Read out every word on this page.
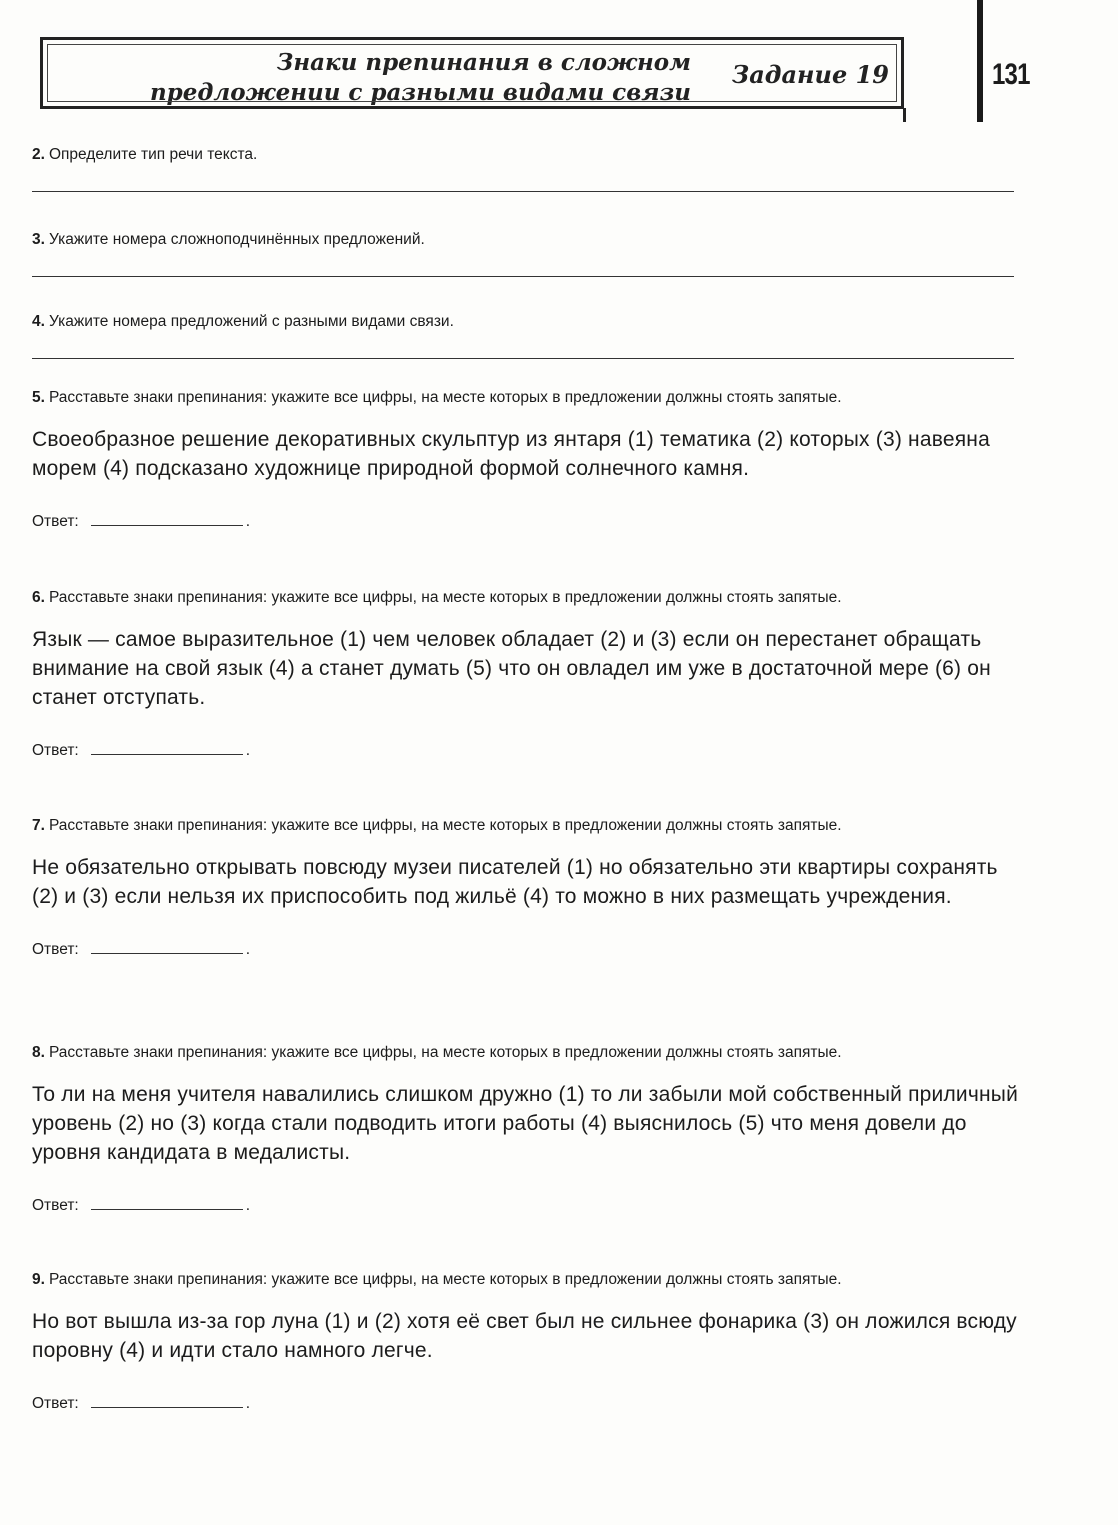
Знаки препинания в сложном
предложении с разными видами связи
Задание 19	131
2. Определите тип речи текста.
3. Укажите номера сложноподчинённых предложений.
4. Укажите номера предложений с разными видами связи.
5. Расставьте знаки препинания: укажите все цифры, на месте которых в предложении должны стоять запятые.
Своеобразное решение декоративных скульптур из янтаря (1) тематика (2) которых (3) навеяна морем (4) подсказано художнице природной формой солнечного камня.
Ответ:	.
6. Расставьте знаки препинания: укажите все цифры, на месте которых в предложении должны стоять запятые.
Язык — самое выразительное (1) чем человек обладает (2) и (3) если он перестанет обращать внимание на свой язык (4) а станет думать (5) что он овладел им уже в достаточной мере (6) он станет отступать.
Ответ:	.
7. Расставьте знаки препинания: укажите все цифры, на месте которых в предложении должны стоять запятые.
Не обязательно открывать повсюду музеи писателей (1) но обязательно эти квартиры сохранять (2) и (3) если нельзя их приспособить под жильё (4) то можно в них размещать учреждения.
Ответ:	.
8. Расставьте знаки препинания: укажите все цифры, на месте которых в предложении должны стоять запятые.
То ли на меня учителя навалились слишком дружно (1) то ли забыли мой собственный приличный уровень (2) но (3) когда стали подводить итоги работы (4) выяснилось (5) что меня довели до уровня кандидата в медалисты.
Ответ:	.
9. Расставьте знаки препинания: укажите все цифры, на месте которых в предложении должны стоять запятые.
Но вот вышла из-за гор луна (1) и (2) хотя её свет был не сильнее фонарика (3) он ложился всюду поровну (4) и идти стало намного легче.
Ответ:	.
